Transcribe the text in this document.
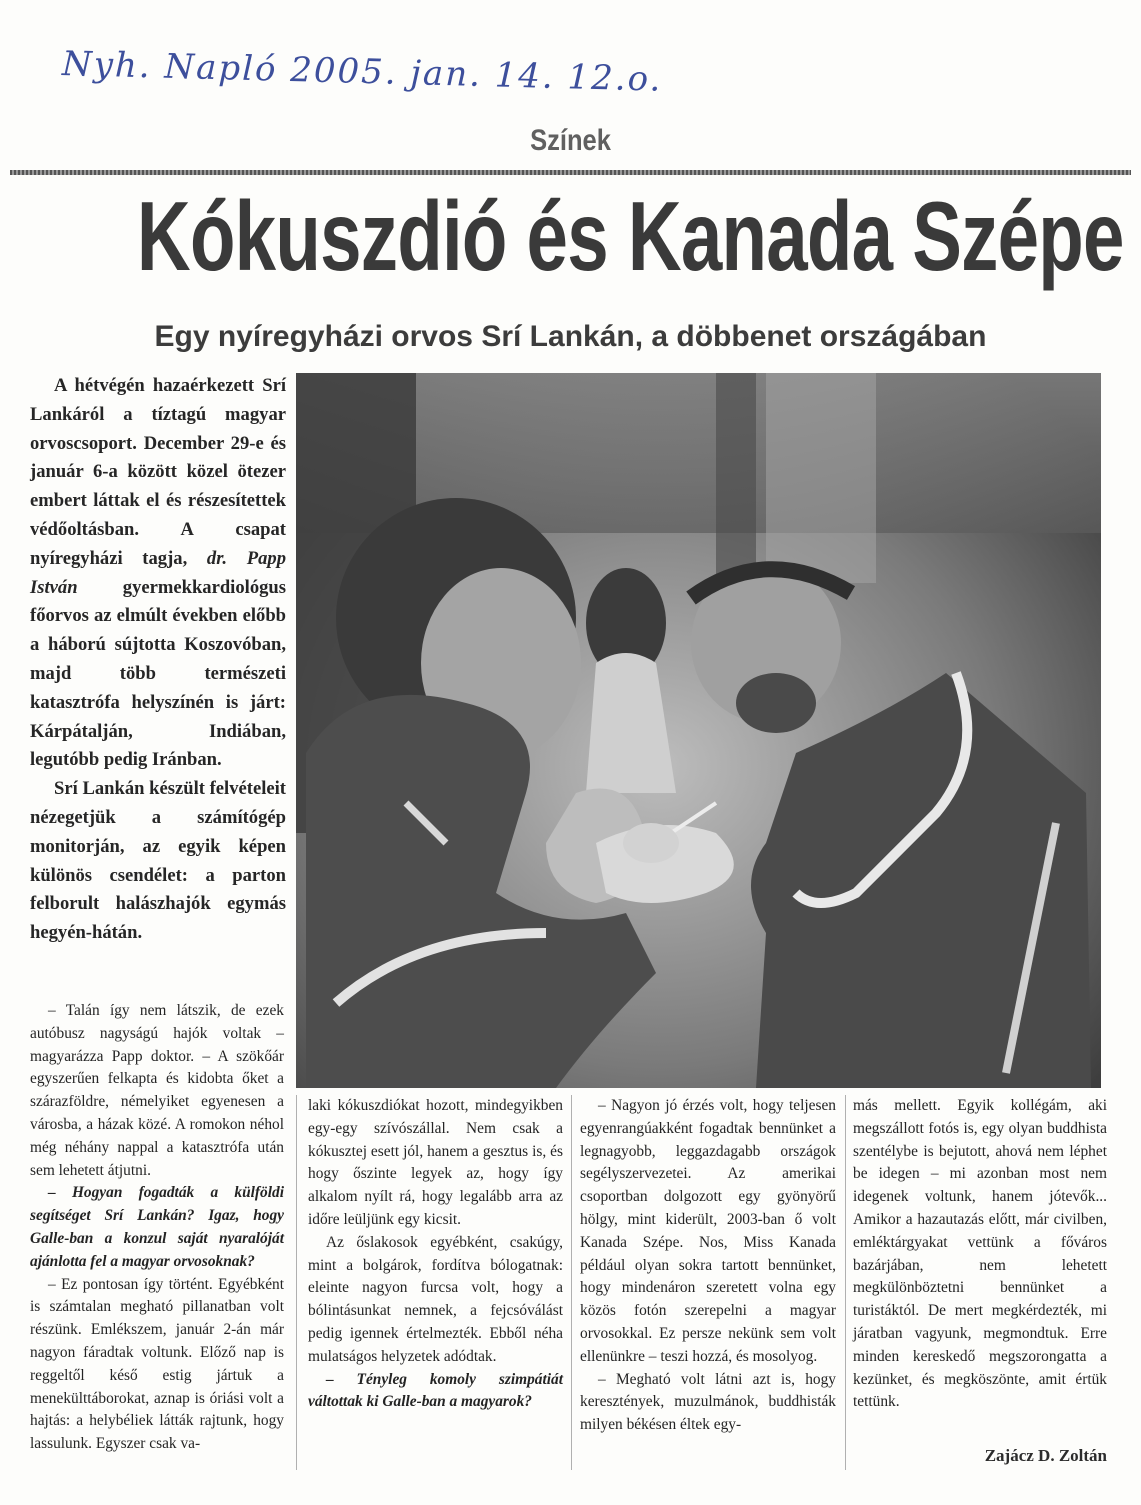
Nyh. Napló 2005. jan. 14. 12.o.
Színek
Kókuszdió és Kanada Szépe
Egy nyíregyházi orvos Srí Lankán, a döbbenet országában

A hétvégén hazaérkezett Srí Lankáról a tíztagú magyar orvoscsoport. December 29-e és január 6-a között közel ötezer embert láttak el és részesítettek védőoltásban. A csapat nyíregyházi tagja, dr. Papp István gyermekkardiológus főorvos az elmúlt években előbb a háború sújtotta Koszovóban, majd több természeti katasztrófa helyszínén is járt: Kárpátalján, Indiában, legutóbb pedig Iránban.

Srí Lankán készült felvételeit nézegetjük a számítógép monitorján, az egyik képen különös csendélet: a parton felborult halászhajók egymás hegyén-hátán.

– Talán így nem látszik, de ezek autóbusz nagyságú hajók voltak – magyarázza Papp doktor. – A szökőár egyszerűen felkapta és kidobta őket a szárazföldre, némelyiket egyenesen a városba, a házak közé. A romokon néhol még néhány nappal a katasztrófa után sem lehetett átjutni.

– Hogyan fogadták a külföldi segítséget Srí Lankán? Igaz, hogy Galle-ban a konzul saját nyaralóját ajánlotta fel a magyar orvosoknak?

– Ez pontosan így történt. Egyébként is számtalan megható pillanatban volt részünk. Emlékszem, január 2-án már nagyon fáradtak voltunk. Előző nap is reggeltől késő estig jártuk a menekülttáborokat, aznap is óriási volt a hajtás: a helybéliek látták rajtunk, hogy lassulunk. Egyszer csak va-

laki kókuszdiókat hozott, mindegyikben egy-egy szívószállal. Nem csak a kókusztej esett jól, hanem a gesztus is, és hogy őszinte legyek az, hogy így alkalom nyílt rá, hogy legalább arra az időre leüljünk egy kicsit.

Az őslakosok egyébként, csakúgy, mint a bolgárok, fordítva bólogatnak: eleinte nagyon furcsa volt, hogy a bólintásunkat nemnek, a fejcsóválást pedig igennek értelmezték. Ebből néha mulatságos helyzetek adódtak.

– Tényleg komoly szimpátiát váltottak ki Galle-ban a magyarok?

– Nagyon jó érzés volt, hogy teljesen egyenrangúakként fogadtak bennünket a legnagyobb, leggazdagabb országok segélyszervezetei. Az amerikai csoportban dolgozott egy gyönyörű hölgy, mint kiderült, 2003-ban ő volt Kanada Szépe. Nos, Miss Kanada például olyan sokra tartott bennünket, hogy mindenáron szeretett volna egy közös fotón szerepelni a magyar orvosokkal. Ez persze nekünk sem volt ellenünkre – teszi hozzá, és mosolyog.

– Megható volt látni azt is, hogy keresztények, muzulmánok, buddhisták milyen békésen éltek egy-

más mellett. Egyik kollégám, aki megszállott fotós is, egy olyan buddhista szentélybe is bejutott, ahová nem léphet be idegen – mi azonban most nem idegenek voltunk, hanem jótevők... Amikor a hazautazás előtt, már civilben, emléktárgyakat vettünk a főváros bazárjában, nem lehetett megkülönböztetni bennünket a turistáktól. De mert megkérdezték, mi járatban vagyunk, megmondtuk. Erre minden kereskedő megszorongatta a kezünket, és megköszönte, amit értük tettünk.

Zajácz D. Zoltán
